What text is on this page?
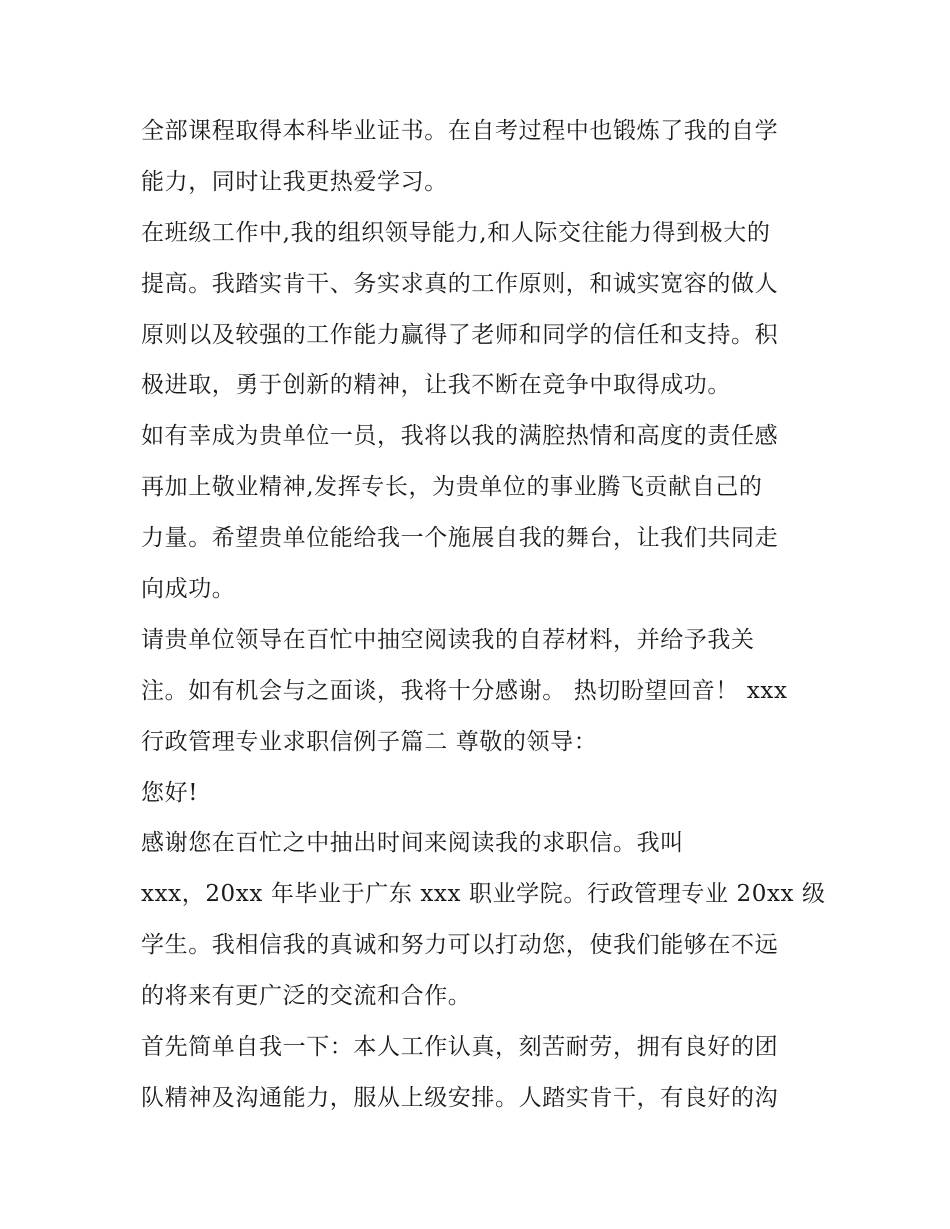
全部课程取得本科毕业证书。在自考过程中也锻炼了我的自学
能力，同时让我更热爱学习。
在班级工作中,我的组织领导能力,和人际交往能力得到极大的
提高。我踏实肯干、务实求真的工作原则，和诚实宽容的做人
原则以及较强的工作能力赢得了老师和同学的信任和支持。积
极进取，勇于创新的精神，让我不断在竞争中取得成功。
如有幸成为贵单位一员，我将以我的满腔热情和高度的责任感
再加上敬业精神,发挥专长，为贵单位的事业腾飞贡献自己的
力量。希望贵单位能给我一个施展自我的舞台，让我们共同走
向成功。
请贵单位领导在百忙中抽空阅读我的自荐材料，并给予我关
注。如有机会与之面谈，我将十分感谢。 热切盼望回音！ xxx
行政管理专业求职信例子篇二 尊敬的领导：
您好!
感谢您在百忙之中抽出时间来阅读我的求职信。我叫
xxx，20xx 年毕业于广东 xxx 职业学院。行政管理专业 20xx 级
学生。我相信我的真诚和努力可以打动您，使我们能够在不远
的将来有更广泛的交流和合作。
首先简单自我一下：本人工作认真，刻苦耐劳，拥有良好的团
队精神及沟通能力，服从上级安排。人踏实肯干，有良好的沟
